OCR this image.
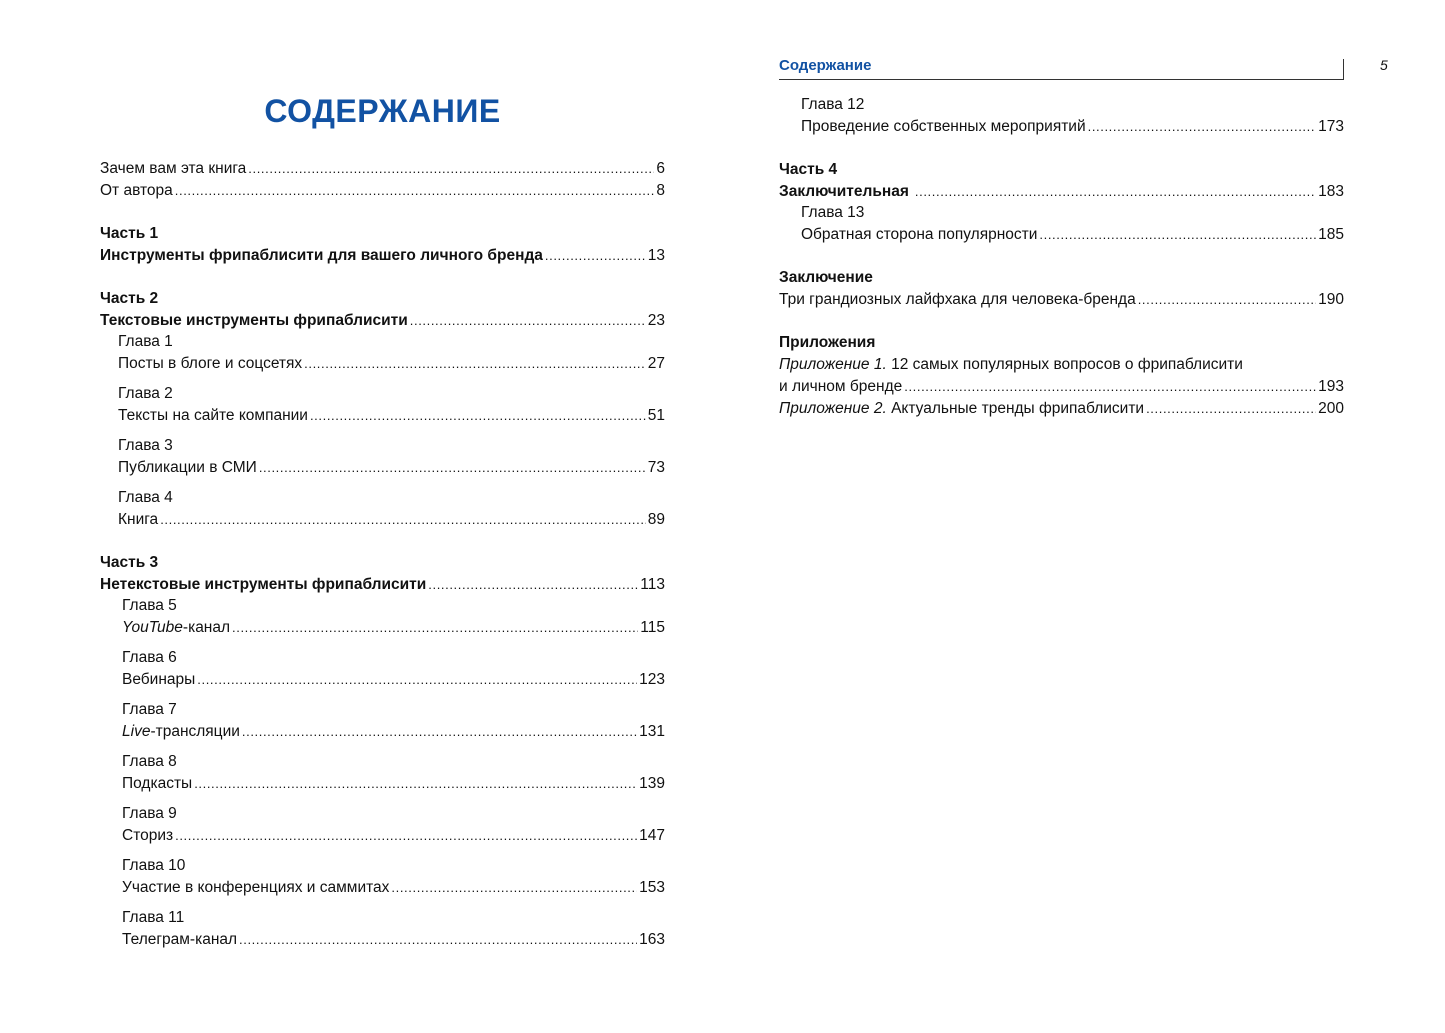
СОДЕРЖАНИЕ
Зачем вам эта книга .....	6
От автора .....	8
Часть 1
Инструменты фрипаблисити для вашего личного бренда .....	13
Часть 2
Текстовые инструменты фрипаблисити .....	23
Глава 1
Посты в блоге и соцсетях .....	27
Глава 2
Тексты на сайте компании .....	51
Глава 3
Публикации в СМИ .....	73
Глава 4
Книга .....	89
Часть 3
Нетекстовые инструменты фрипаблисити .....	113
Глава 5
YouTube-канал .....	115
Глава 6
Вебинары .....	123
Глава 7
Live-трансляции .....	131
Глава 8
Подкасты .....	139
Глава 9
Сториз .....	147
Глава 10
Участие в конференциях и саммитах .....	153
Глава 11
Телеграм-канал .....	163
Содержание	5
Глава 12
Проведение собственных мероприятий .....	173
Часть 4
Заключительная .....	183
Глава 13
Обратная сторона популярности .....	185
Заключение
Три грандиозных лайфхака для человека-бренда .....	190
Приложения
Приложение 1. 12 самых популярных вопросов о фрипаблисити
и личном бренде .....	193
Приложение 2. Актуальные тренды фрипаблисити .....	200
